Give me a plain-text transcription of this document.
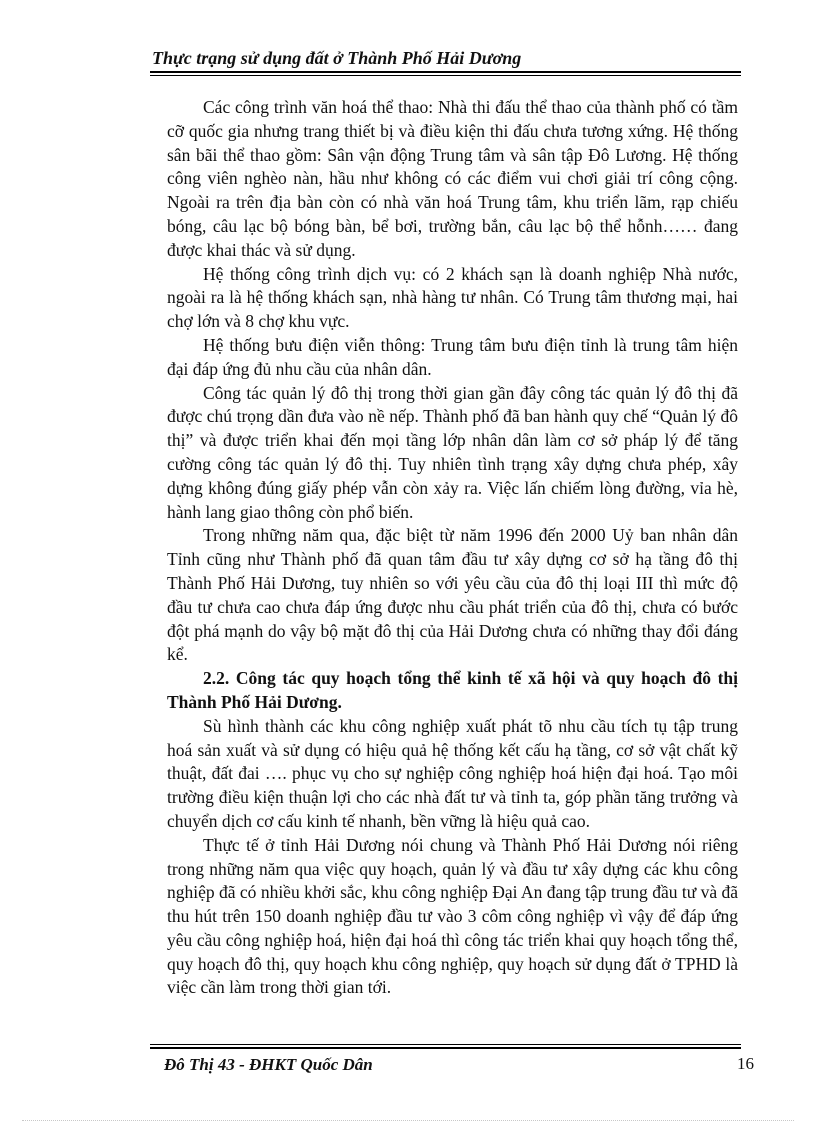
Thực trạng sử dụng đất ở Thành Phố Hải Dương

Các công trình văn hoá thể thao: Nhà thi đấu thể thao của thành phố có tầm cỡ quốc gia nhưng trang thiết bị và điều kiện thi đấu chưa tương xứng. Hệ thống sân bãi thể thao gồm: Sân vận động Trung tâm và sân tập Đô Lương. Hệ thống công viên nghèo nàn, hầu như không có các điểm vui chơi giải trí công cộng. Ngoài ra trên địa bàn còn có nhà văn hoá Trung tâm, khu triển lãm, rạp chiếu bóng, câu lạc bộ bóng bàn, bể bơi, trường bắn, câu lạc bộ thể hỗnh…… đang được khai thác và sử dụng.

Hệ thống công trình dịch vụ: có 2 khách sạn là doanh nghiệp Nhà nước, ngoài ra là hệ thống khách sạn, nhà hàng tư nhân. Có Trung tâm thương mại, hai chợ lớn và 8 chợ khu vực.

Hệ thống bưu điện viễn thông: Trung tâm bưu điện tỉnh là trung tâm hiện đại đáp ứng đủ nhu cầu của nhân dân.

Công tác quản lý đô thị trong thời gian gần đây công tác quản lý đô thị đã được chú trọng dần đưa vào nề nếp. Thành phố đã ban hành quy chế “Quản lý đô thị” và được triển khai đến mọi tầng lớp nhân dân làm cơ sở pháp lý để tăng cường công tác quản lý đô thị. Tuy nhiên tình trạng xây dựng chưa phép, xây dựng không đúng giấy phép vẫn còn xảy ra. Việc lấn chiếm lòng đường, vỉa hè, hành lang giao thông còn phổ biến.

Trong những năm qua, đặc biệt từ năm 1996 đến 2000 Uỷ ban nhân dân Tỉnh cũng như Thành phố đã quan tâm đầu tư xây dựng cơ sở hạ tầng đô thị Thành Phố Hải Dương, tuy nhiên so với yêu cầu của đô thị loại III thì mức độ đầu tư chưa cao chưa đáp ứng được nhu cầu phát triển của đô thị, chưa có bước đột phá mạnh do vậy bộ mặt đô thị của Hải Dương chưa có những thay đổi đáng kể.

2.2. Công tác quy hoạch tổng thể kinh tế xã hội và quy hoạch đô thị Thành Phố Hải Dương.

Sù hình thành các khu công nghiệp xuất phát tõ nhu cầu tích tụ tập trung hoá sản xuất và sử dụng có hiệu quả hệ thống kết cấu hạ tầng, cơ sở vật chất kỹ thuật, đất đai …. phục vụ cho sự nghiệp công nghiệp hoá hiện đại hoá. Tạo môi trường điều kiện thuận lợi cho các nhà đất tư và tỉnh ta, góp phần tăng trưởng và chuyển dịch cơ cấu kinh tế nhanh, bền vững là hiệu quả cao.

Thực tế ở tỉnh Hải Dương nói chung và Thành Phố Hải Dương nói riêng trong những năm qua việc quy hoạch, quản lý và đầu tư xây dựng các khu công nghiệp đã có nhiều khởi sắc, khu công nghiệp Đại An đang tập trung đầu tư và đã thu hút trên 150 doanh nghiệp đầu tư vào 3 côm công nghiệp vì vậy để đáp ứng yêu cầu công nghiệp hoá, hiện đại hoá thì công tác triển khai quy hoạch tổng thể, quy hoạch đô thị, quy hoạch khu công nghiệp, quy hoạch sử dụng đất ở TPHD là việc cần làm trong thời gian tới.

Đô Thị 43 - ĐHKT Quốc Dân	16
